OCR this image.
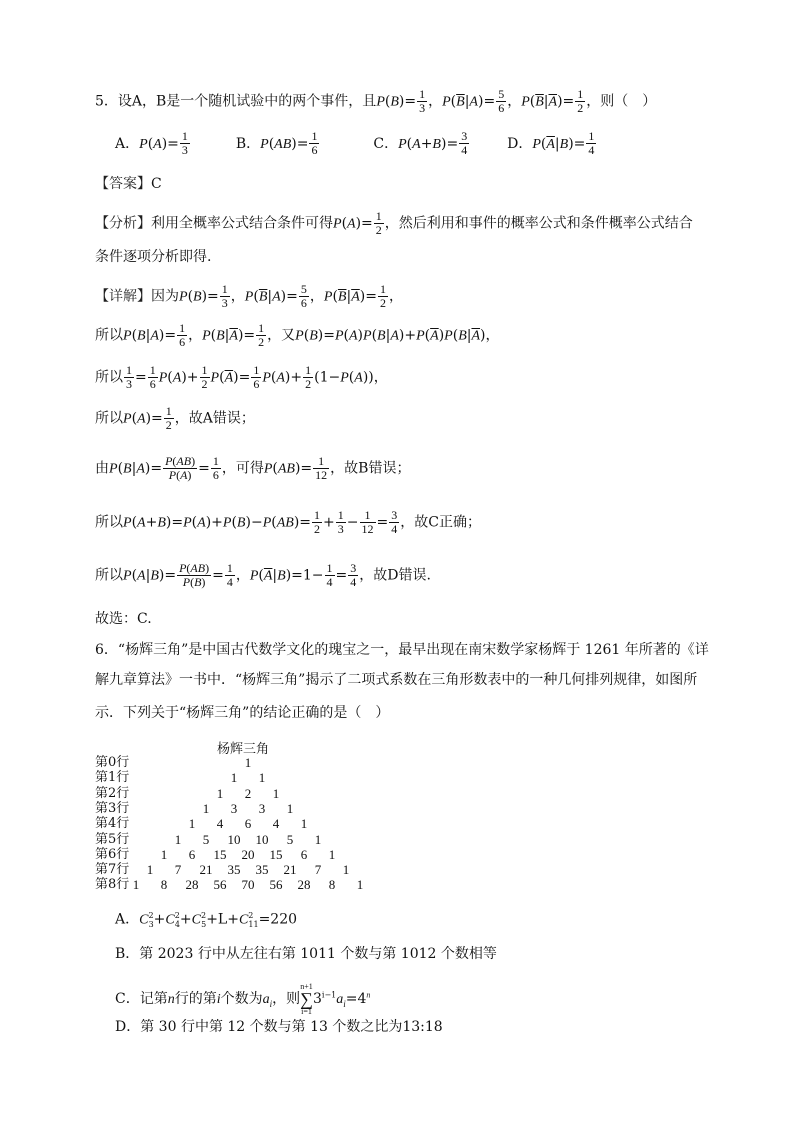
5．设A，B是一个随机试验中的两个事件，且$P(B)= \frac{1}{3}$ ，$P(\overline{B}|A)= \frac{5}{6}$ ，$P(\overline{B}|\overline{A})= \frac{1}{2}$ ，则（　）
A．$P(A)= \frac{1}{3}$	B．$P(AB)= \frac{1}{6}$	C．$P(A+B)= \frac{3}{4}$	D．$P(\overline{A}|B)= \frac{1}{4}$
【答案】C
【分析】利用全概率公式结合条件可得$P(A)= \frac{1}{2}$ ，然后利用和事件的概率公式和条件概率公式结合
条件逐项分析即得.
【详解】因为$P(B)= \frac{1}{3}$ ，$P(\overline{B}|A)= \frac{5}{6}$ ，$P(\overline{B}|\overline{A})= \frac{1}{2}$ ，
所以$P(B|A)= \frac{1}{6}$ ，$P(B|\overline{A})= \frac{1}{2}$ ，又$P(B)=P(A)P(B|A)+P(\overline{A})P(B|\overline{A})$，
所以 $\frac{1}{3} = \frac{1}{6} P(A)+ \frac{1}{2} P(\overline{A})= \frac{1}{6} P(A)+ \frac{1}{2} (1-P(A))$，
所以$P(A)= \frac{1}{2}$ ，故A错误；
由$P(B|A)= \frac{P(AB)}{P(A)} = \frac{1}{6}$ ，可得$P(AB)= \frac{1}{12}$ ，故B错误；
所以$P(A+B)=P(A)+P(B)-P(AB)= \frac{1}{2} + \frac{1}{3} - \frac{1}{12} = \frac{3}{4}$ ，故C正确；
所以$P(A|B)= \frac{P(AB)}{P(B)} = \frac{1}{4}$ ，$P(\overline{A}|B)=1- \frac{1}{4} = \frac{3}{4}$ ，故D错误.
故选：C.
6．“杨辉三角”是中国古代数学文化的瑰宝之一，最早出现在南宋数学家杨辉于 1261 年所著的《详
解九章算法》一书中．“杨辉三角”揭示了二项式系数在三角形数表中的一种几何排列规律，如图所
示．下列关于“杨辉三角”的结论正确的是（　）
杨辉三角
第0行	1
第1行	1 1
第2行	1 2 1
第3行	1 3 3 1
第4行	1 4 6 4 1
第5行	1 5 10 10 5 1
第6行 1 6 15 20 15 6 1
第7行 1 7 21 35 35 21 7 1
第8行 1 8 28 56 70 56 28 8 1
A．$C^2_3+C^2_4+C^2_5+L+C^2_{11}=220$
B．第 2023 行中从左往右第 1011 个数与第 1012 个数相等
C．记第n行的第i个数为$a_i$，则
n+1
∑
i=1
$3^{i-1}a_i=4^n$
D．第 30 行中第 12 个数与第 13 个数之比为13:18
